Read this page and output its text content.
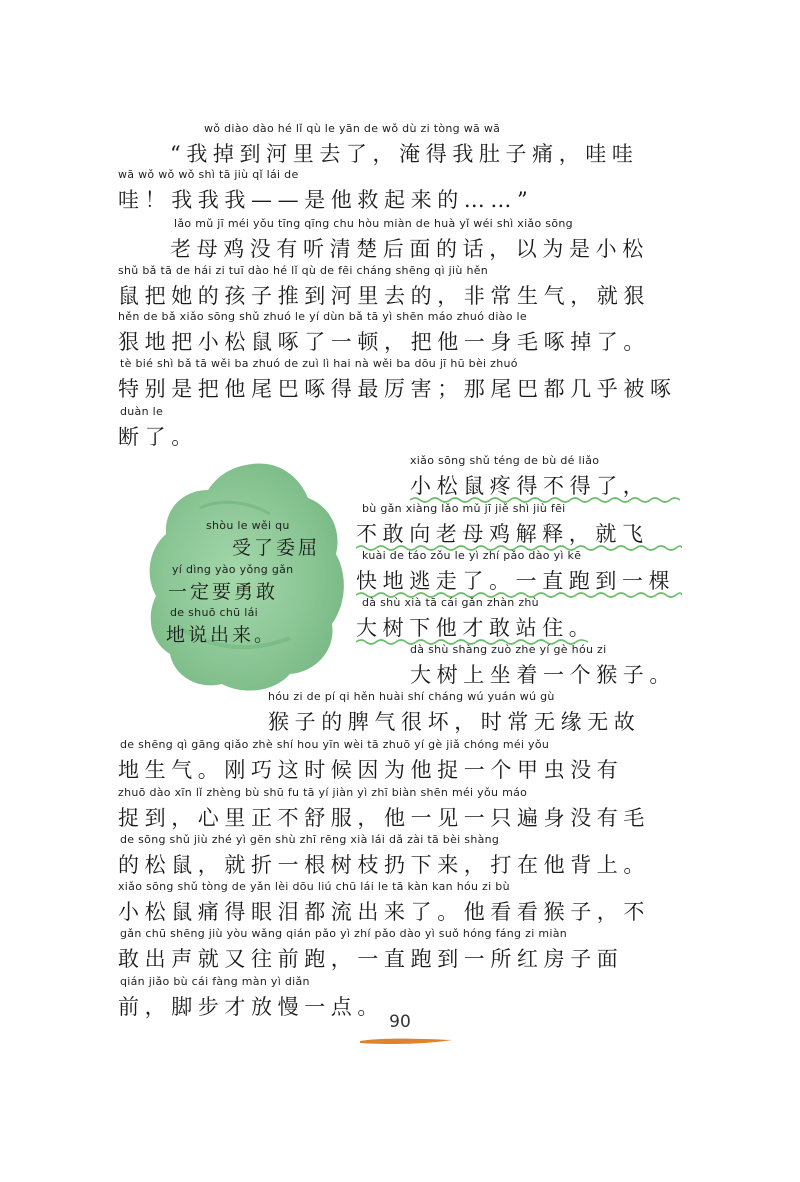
wǒ diào dào hé lǐ qù le yān de wǒ dù zi tòng wā wā
“我掉到河里去了，淹得我肚子痛，哇哇
wā wǒ wǒ wǒ shì tā jiù qǐ lái de
哇！我我我——是他救起来的……”
lǎo mǔ jī méi yǒu tīng qīng chu hòu miàn de huà yǐ wéi shì xiǎo sōng
老母鸡没有听清楚后面的话，以为是小松
shǔ bǎ tā de hái zi tuī dào hé lǐ qù de fēi cháng shēng qì jiù hěn
鼠把她的孩子推到河里去的，非常生气，就狠
hěn de bǎ xiǎo sōng shǔ zhuó le yí dùn bǎ tā yì shēn máo zhuó diào le
狠地把小松鼠啄了一顿，把他一身毛啄掉了。
tè bié shì bǎ tā wěi ba zhuó de zuì lì hai nà wěi ba dōu jī hū bèi zhuó
特别是把他尾巴啄得最厉害；那尾巴都几乎被啄
duàn le
断了。
shòu le wěi qu
受了委屈
yí dìng yào yǒng gǎn
一定要勇敢
de shuō chū lái
地说出来。
xiǎo sōng shǔ téng de bù dé liǎo
小松鼠疼得不得了，
bù gǎn xiàng lǎo mǔ jī jiě shì jiù fēi
不敢向老母鸡解释，就飞
kuài de táo zǒu le yì zhí pǎo dào yì kē
快地逃走了。一直跑到一棵
dà shù xià tā cái gǎn zhàn zhù
大树下他才敢站住。
dà shù shàng zuò zhe yí gè hóu zi
大树上坐着一个猴子。
hóu zi de pí qi hěn huài shí cháng wú yuán wú gù
猴子的脾气很坏，时常无缘无故
de shēng qì gāng qiǎo zhè shí hou yīn wèi tā zhuō yí gè jiǎ chóng méi yǒu
地生气。刚巧这时候因为他捉一个甲虫没有
zhuō dào xīn lǐ zhèng bù shū fu tā yí jiàn yì zhī biàn shēn méi yǒu máo
捉到，心里正不舒服，他一见一只遍身没有毛
de sōng shǔ jiù zhé yì gēn shù zhī rēng xià lái dǎ zài tā bèi shàng
的松鼠，就折一根树枝扔下来，打在他背上。
xiǎo sōng shǔ tòng de yǎn lèi dōu liú chū lái le tā kàn kan hóu zi bù
小松鼠痛得眼泪都流出来了。他看看猴子，不
gǎn chū shēng jiù yòu wǎng qián pǎo yì zhí pǎo dào yì suǒ hóng fáng zi miàn
敢出声就又往前跑，一直跑到一所红房子面
qián jiǎo bù cái fàng màn yì diǎn
前，脚步才放慢一点。
90
